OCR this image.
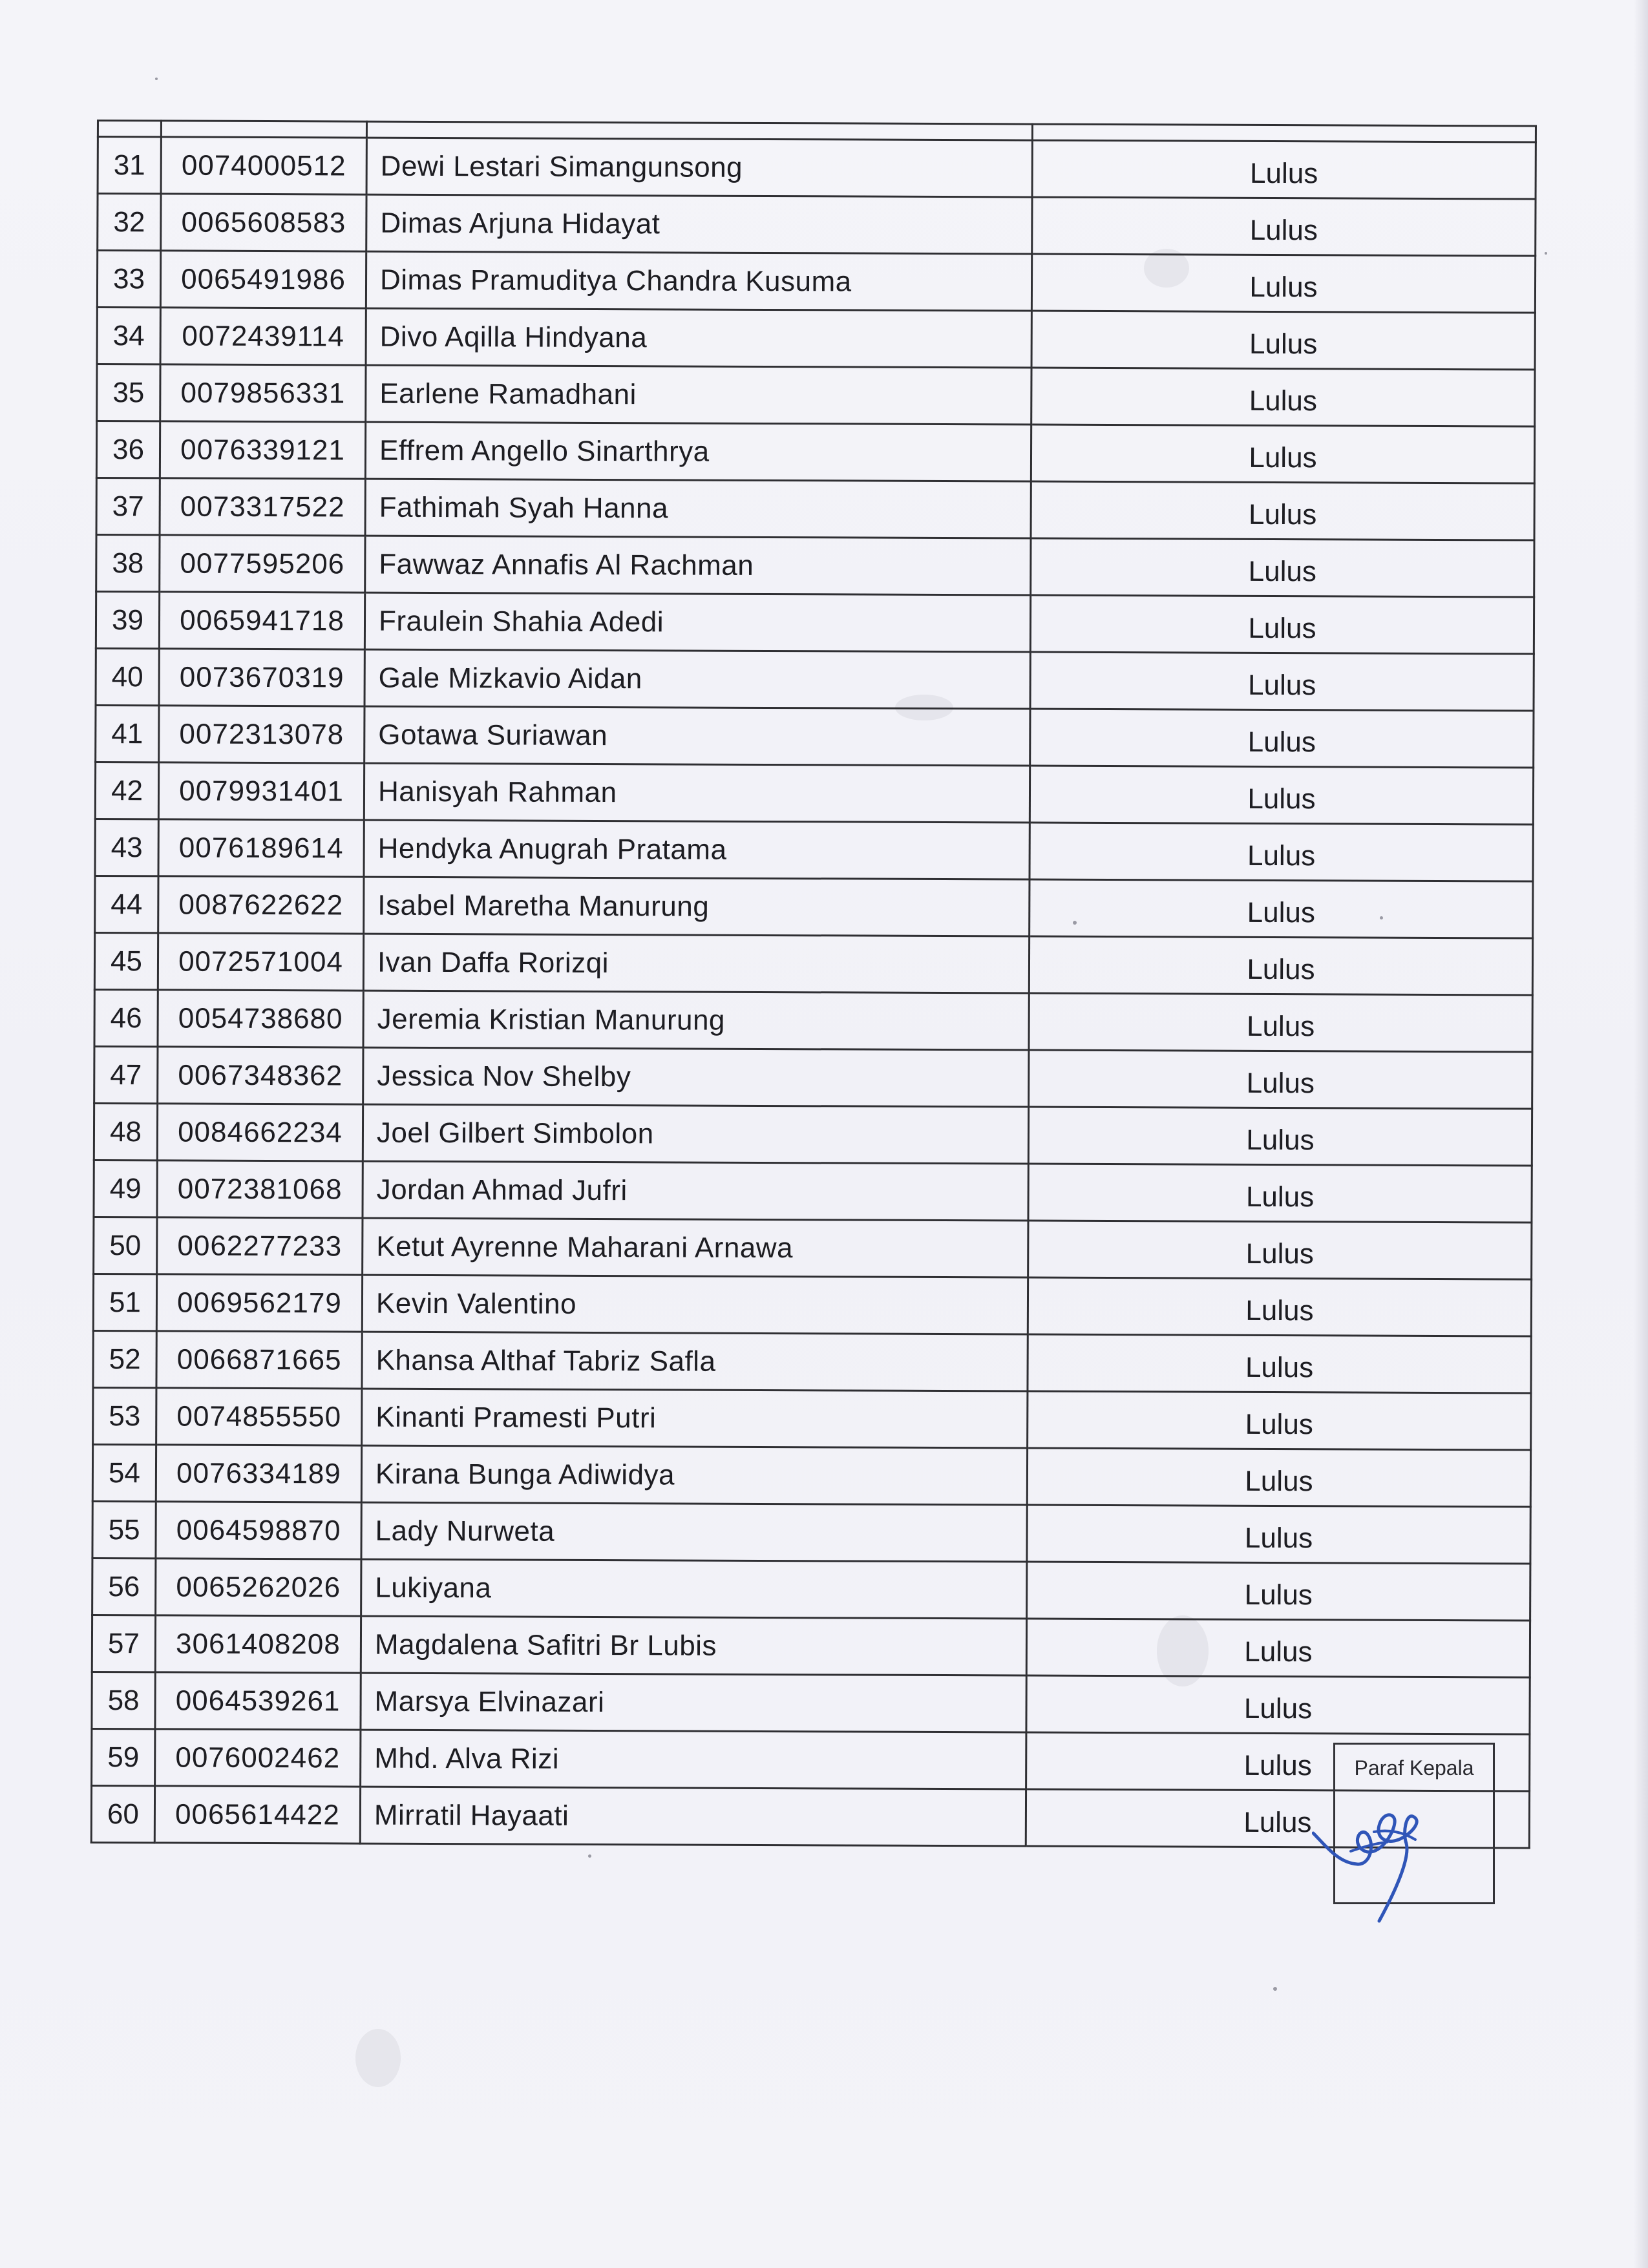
31	0074000512	Dewi Lestari Simangunsong	Lulus
32	0065608583	Dimas Arjuna Hidayat	Lulus
33	0065491986	Dimas Pramuditya Chandra Kusuma	Lulus
34	0072439114	Divo Aqilla Hindyana	Lulus
35	0079856331	Earlene Ramadhani	Lulus
36	0076339121	Effrem Angello Sinarthrya	Lulus
37	0073317522	Fathimah Syah Hanna	Lulus
38	0077595206	Fawwaz Annafis Al Rachman	Lulus
39	0065941718	Fraulein Shahia Adedi	Lulus
40	0073670319	Gale Mizkavio Aidan	Lulus
41	0072313078	Gotawa Suriawan	Lulus
42	0079931401	Hanisyah Rahman	Lulus
43	0076189614	Hendyka Anugrah Pratama	Lulus
44	0087622622	Isabel Maretha Manurung	Lulus
45	0072571004	Ivan Daffa Rorizqi	Lulus
46	0054738680	Jeremia Kristian Manurung	Lulus
47	0067348362	Jessica Nov Shelby	Lulus
48	0084662234	Joel Gilbert Simbolon	Lulus
49	0072381068	Jordan Ahmad Jufri	Lulus
50	0062277233	Ketut Ayrenne Maharani Arnawa	Lulus
51	0069562179	Kevin Valentino	Lulus
52	0066871665	Khansa Althaf Tabriz Safla	Lulus
53	0074855550	Kinanti Pramesti Putri	Lulus
54	0076334189	Kirana Bunga Adiwidya	Lulus
55	0064598870	Lady Nurweta	Lulus
56	0065262026	Lukiyana	Lulus
57	3061408208	Magdalena Safitri Br Lubis	Lulus
58	0064539261	Marsya Elvinazari	Lulus
59	0076002462	Mhd. Alva Rizi	Lulus
60	0065614422	Mirratil Hayaati	Lulus
Paraf Kepala
